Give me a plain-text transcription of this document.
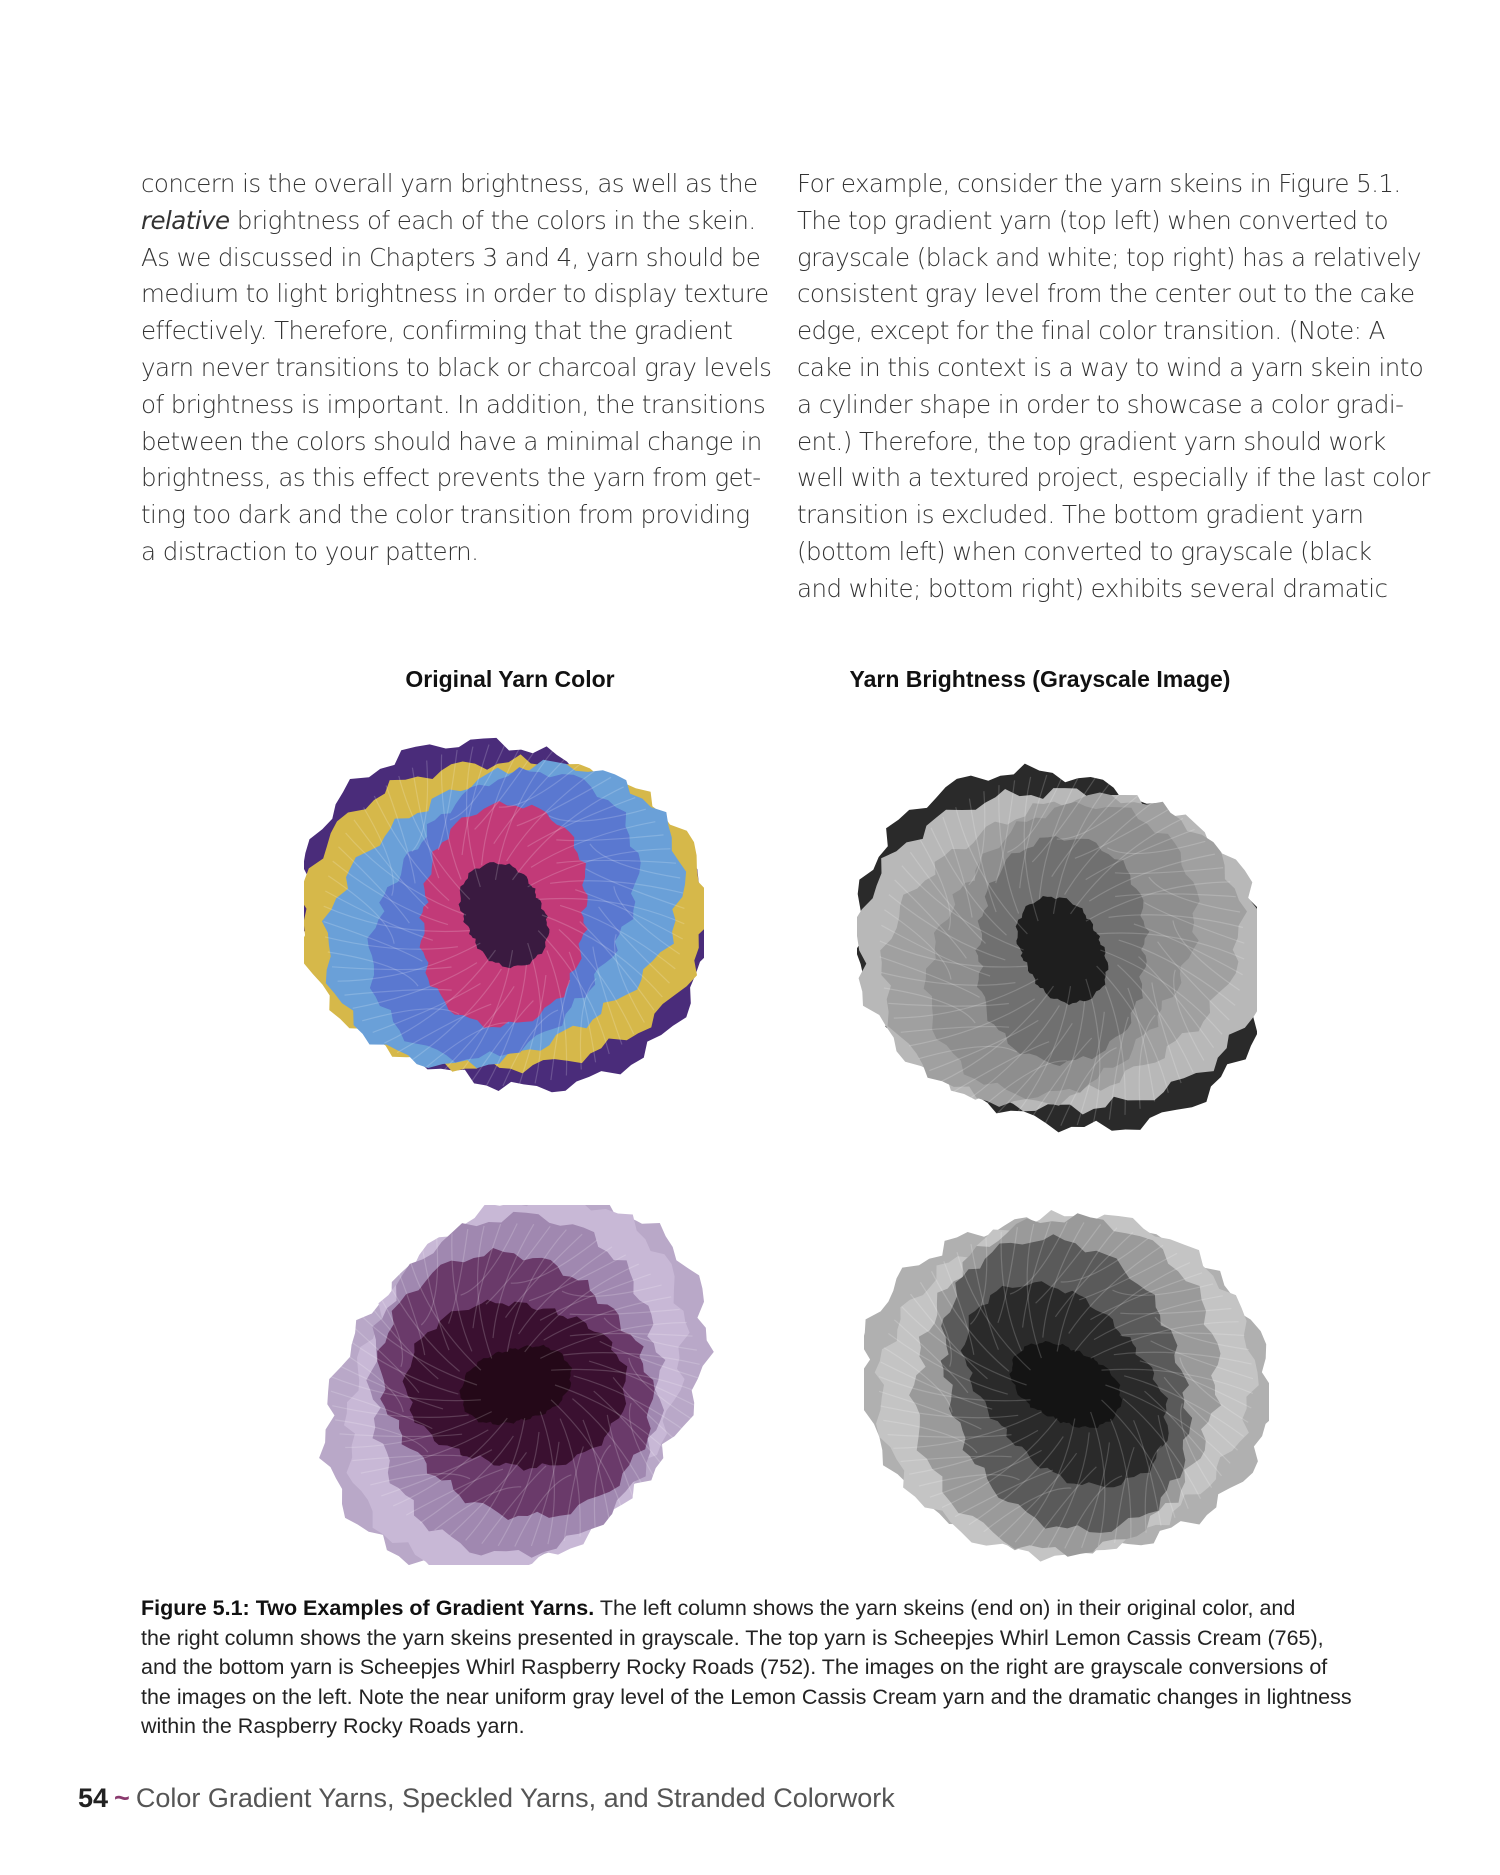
concern is the overall yarn brightness, as well as the
relative brightness of each of the colors in the skein.
As we discussed in Chapters 3 and 4, yarn should be
medium to light brightness in order to display texture
effectively. Therefore, confirming that the gradient
yarn never transitions to black or charcoal gray levels
of brightness is important. In addition, the transitions
between the colors should have a minimal change in
brightness, as this effect prevents the yarn from get-
ting too dark and the color transition from providing
a distraction to your pattern.
For example, consider the yarn skeins in Figure 5.1.
The top gradient yarn (top left) when converted to
grayscale (black and white; top right) has a relatively
consistent gray level from the center out to the cake
edge, except for the final color transition. (Note: A
cake in this context is a way to wind a yarn skein into
a cylinder shape in order to showcase a color gradi-
ent.) Therefore, the top gradient yarn should work
well with a textured project, especially if the last color
transition is excluded. The bottom gradient yarn
(bottom left) when converted to grayscale (black
and white; bottom right) exhibits several dramatic
Original Yarn Color	Yarn Brightness (Grayscale Image)
Figure 5.1: Two Examples of Gradient Yarns. The left column shows the yarn skeins (end on) in their original color, and
the right column shows the yarn skeins presented in grayscale. The top yarn is Scheepjes Whirl Lemon Cassis Cream (765),
and the bottom yarn is Scheepjes Whirl Raspberry Rocky Roads (752). The images on the right are grayscale conversions of
the images on the left. Note the near uniform gray level of the Lemon Cassis Cream yarn and the dramatic changes in lightness
within the Raspberry Rocky Roads yarn.
54 ~ Color Gradient Yarns, Speckled Yarns, and Stranded Colorwork
